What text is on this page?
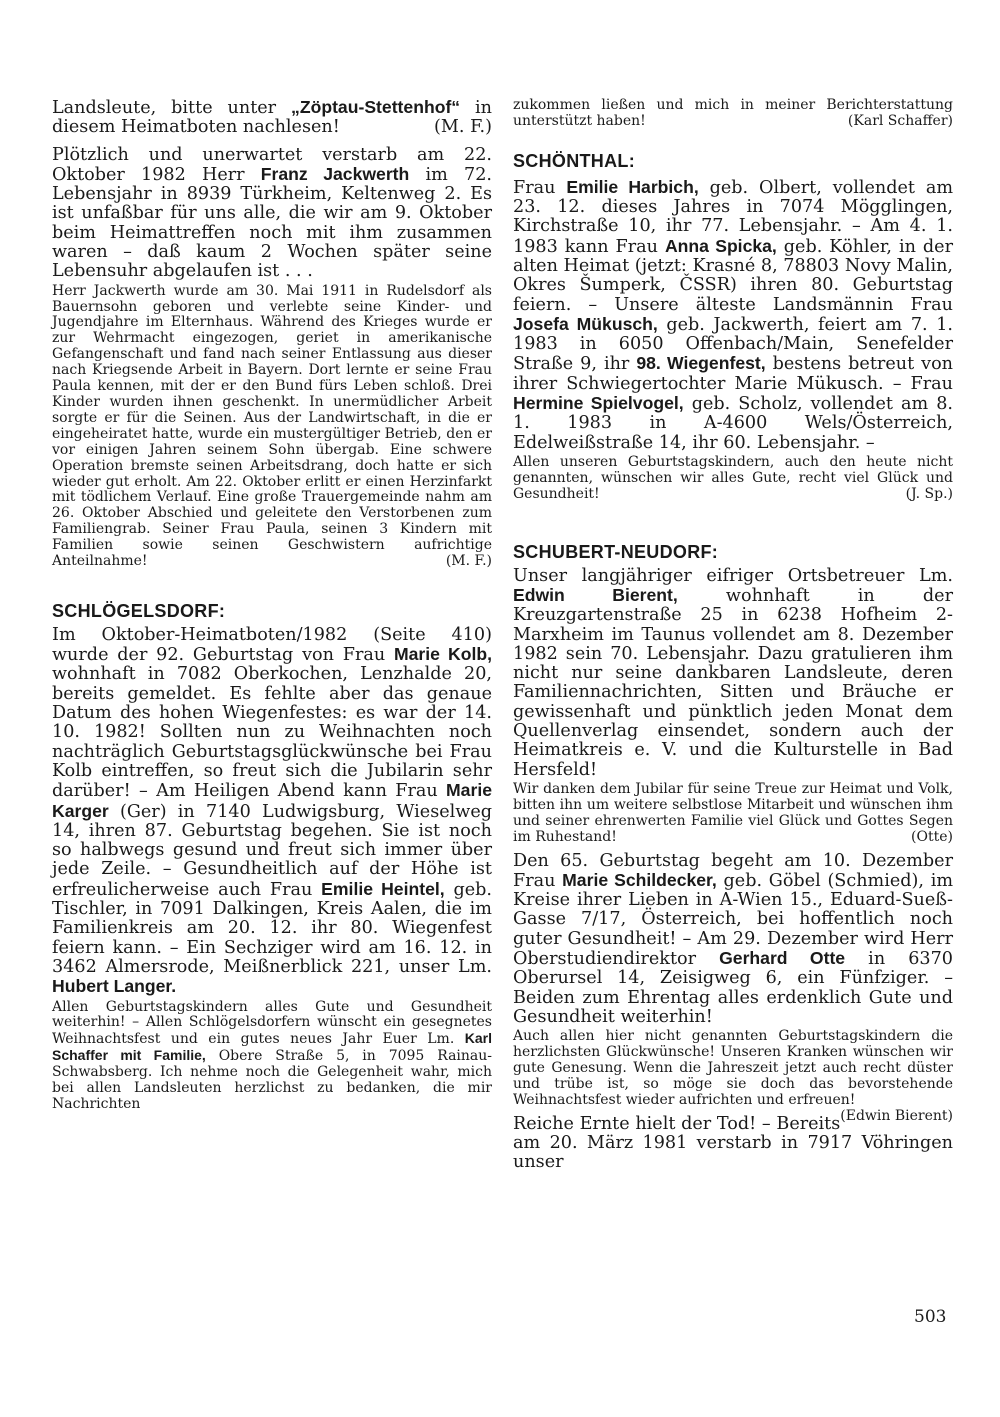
Landsleute, bitte unter „Zöptau-Stettenhof“ in diesem Heimatboten nachlesen!	(M. F.)

Plötzlich und unerwartet verstarb am 22. Oktober 1982 Herr Franz Jackwerth im 72. Lebensjahr in 8939 Türkheim, Keltenweg 2. Es ist unfaßbar für uns alle, die wir am 9. Oktober beim Heimattreffen noch mit ihm zusammen waren – daß kaum 2 Wochen später seine Lebensuhr abgelaufen ist . . .

Herr Jackwerth wurde am 30. Mai 1911 in Rudelsdorf als Bauernsohn geboren und verlebte seine Kinder- und Jugendjahre im Elternhaus. Während des Krieges wurde er zur Wehrmacht eingezogen, geriet in amerikanische Gefangenschaft und fand nach seiner Entlassung aus dieser nach Kriegsende Arbeit in Bayern. Dort lernte er seine Frau Paula kennen, mit der er den Bund fürs Leben schloß. Drei Kinder wurden ihnen geschenkt. In unermüdlicher Arbeit sorgte er für die Seinen. Aus der Landwirtschaft, in die er eingeheiratet hatte, wurde ein mustergültiger Betrieb, den er vor einigen Jahren seinem Sohn übergab. Eine schwere Operation bremste seinen Arbeitsdrang, doch hatte er sich wieder gut erholt. Am 22. Oktober erlitt er einen Herzinfarkt mit tödlichem Verlauf. Eine große Trauergemeinde nahm am 26. Oktober Abschied und geleitete den Verstorbenen zum Familiengrab. Seiner Frau Paula, seinen 3 Kindern mit Familien sowie seinen Geschwistern aufrichtige Anteilnahme!	(M. F.)

SCHLÖGELSDORF:

Im Oktober-Heimatboten/1982 (Seite 410) wurde der 92. Geburtstag von Frau Marie Kolb, wohnhaft in 7082 Oberkochen, Lenzhalde 20, bereits gemeldet. Es fehlte aber das genaue Datum des hohen Wiegenfestes: es war der 14. 10. 1982! Sollten nun zu Weihnachten noch nachträglich Geburtstagsglückwünsche bei Frau Kolb eintreffen, so freut sich die Jubilarin sehr darüber! – Am Heiligen Abend kann Frau Marie Karger (Ger) in 7140 Ludwigsburg, Wieselweg 14, ihren 87. Geburtstag begehen. Sie ist noch so halbwegs gesund und freut sich immer über jede Zeile. – Gesundheitlich auf der Höhe ist erfreulicherweise auch Frau Emilie Heintel, geb. Tischler, in 7091 Dalkingen, Kreis Aalen, die im Familienkreis am 20. 12. ihr 80. Wiegenfest feiern kann. – Ein Sechziger wird am 16. 12. in 3462 Almersrode, Meißnerblick 221, unser Lm. Hubert Langer.

Allen Geburtstagskindern alles Gute und Gesundheit weiterhin! – Allen Schlögelsdorfern wünscht ein gesegnetes Weihnachtsfest und ein gutes neues Jahr Euer Lm. Karl Schaffer mit Familie, Obere Straße 5, in 7095 Rainau-Schwabsberg. Ich nehme noch die Gelegenheit wahr, mich bei allen Landsleuten herzlichst zu bedanken, die mir Nachrichten

zukommen ließen und mich in meiner Berichterstattung unterstützt haben!	(Karl Schaffer)

SCHÖNTHAL:

Frau Emilie Harbich, geb. Olbert, vollendet am 23. 12. dieses Jahres in 7074 Mögglingen, Kirchstraße 10, ihr 77. Lebensjahr. – Am 4. 1. 1983 kann Frau Anna Spicka, geb. Köhler, in der alten Heimat (jetzt: Krasné 8, 78803 Novy Malin, Okres Šumperk, ČSSR) ihren 80. Geburtstag feiern. – Unsere älteste Landsmännin Frau Josefa Mükusch, geb. Jackwerth, feiert am 7. 1. 1983 in 6050 Offenbach/Main, Senefelder Straße 9, ihr 98. Wiegenfest, bestens betreut von ihrer Schwiegertochter Marie Mükusch. – Frau Hermine Spielvogel, geb. Scholz, vollendet am 8. 1. 1983 in A-4600 Wels/Österreich, Edelweißstraße 14, ihr 60. Lebensjahr. –

Allen unseren Geburtstagskindern, auch den heute nicht genannten, wünschen wir alles Gute, recht viel Glück und Gesundheit!	(J. Sp.)

SCHUBERT-NEUDORF:

Unser langjähriger eifriger Ortsbetreuer Lm. Edwin Bierent, wohnhaft in der Kreuzgartenstraße 25 in 6238 Hofheim 2-Marxheim im Taunus vollendet am 8. Dezember 1982 sein 70. Lebensjahr. Dazu gratulieren ihm nicht nur seine dankbaren Landsleute, deren Familiennachrichten, Sitten und Bräuche er gewissenhaft und pünktlich jeden Monat dem Quellenverlag einsendet, sondern auch der Heimatkreis e. V. und die Kulturstelle in Bad Hersfeld!

Wir danken dem Jubilar für seine Treue zur Heimat und Volk, bitten ihn um weitere selbstlose Mitarbeit und wünschen ihm und seiner ehrenwerten Familie viel Glück und Gottes Segen im Ruhestand!	(Otte)

Den 65. Geburtstag begeht am 10. Dezember Frau Marie Schildecker, geb. Göbel (Schmied), im Kreise ihrer Lieben in A-Wien 15., Eduard-Sueß-Gasse 7/17, Österreich, bei hoffentlich noch guter Gesundheit! – Am 29. Dezember wird Herr Oberstudiendirektor Gerhard Otte in 6370 Oberursel 14, Zeisigweg 6, ein Fünfziger. – Beiden zum Ehrentag alles erdenklich Gute und Gesundheit weiterhin!

Auch allen hier nicht genannten Geburtstagskindern die herzlichsten Glückwünsche! Unseren Kranken wünschen wir gute Genesung. Wenn die Jahreszeit jetzt auch recht düster und trübe ist, so möge sie doch das bevorstehende Weihnachtsfest wieder aufrichten und erfreuen!
(Edwin Bierent)

Reiche Ernte hielt der Tod! – Bereits am 20. März 1981 verstarb in 7917 Vöhringen unser

503
